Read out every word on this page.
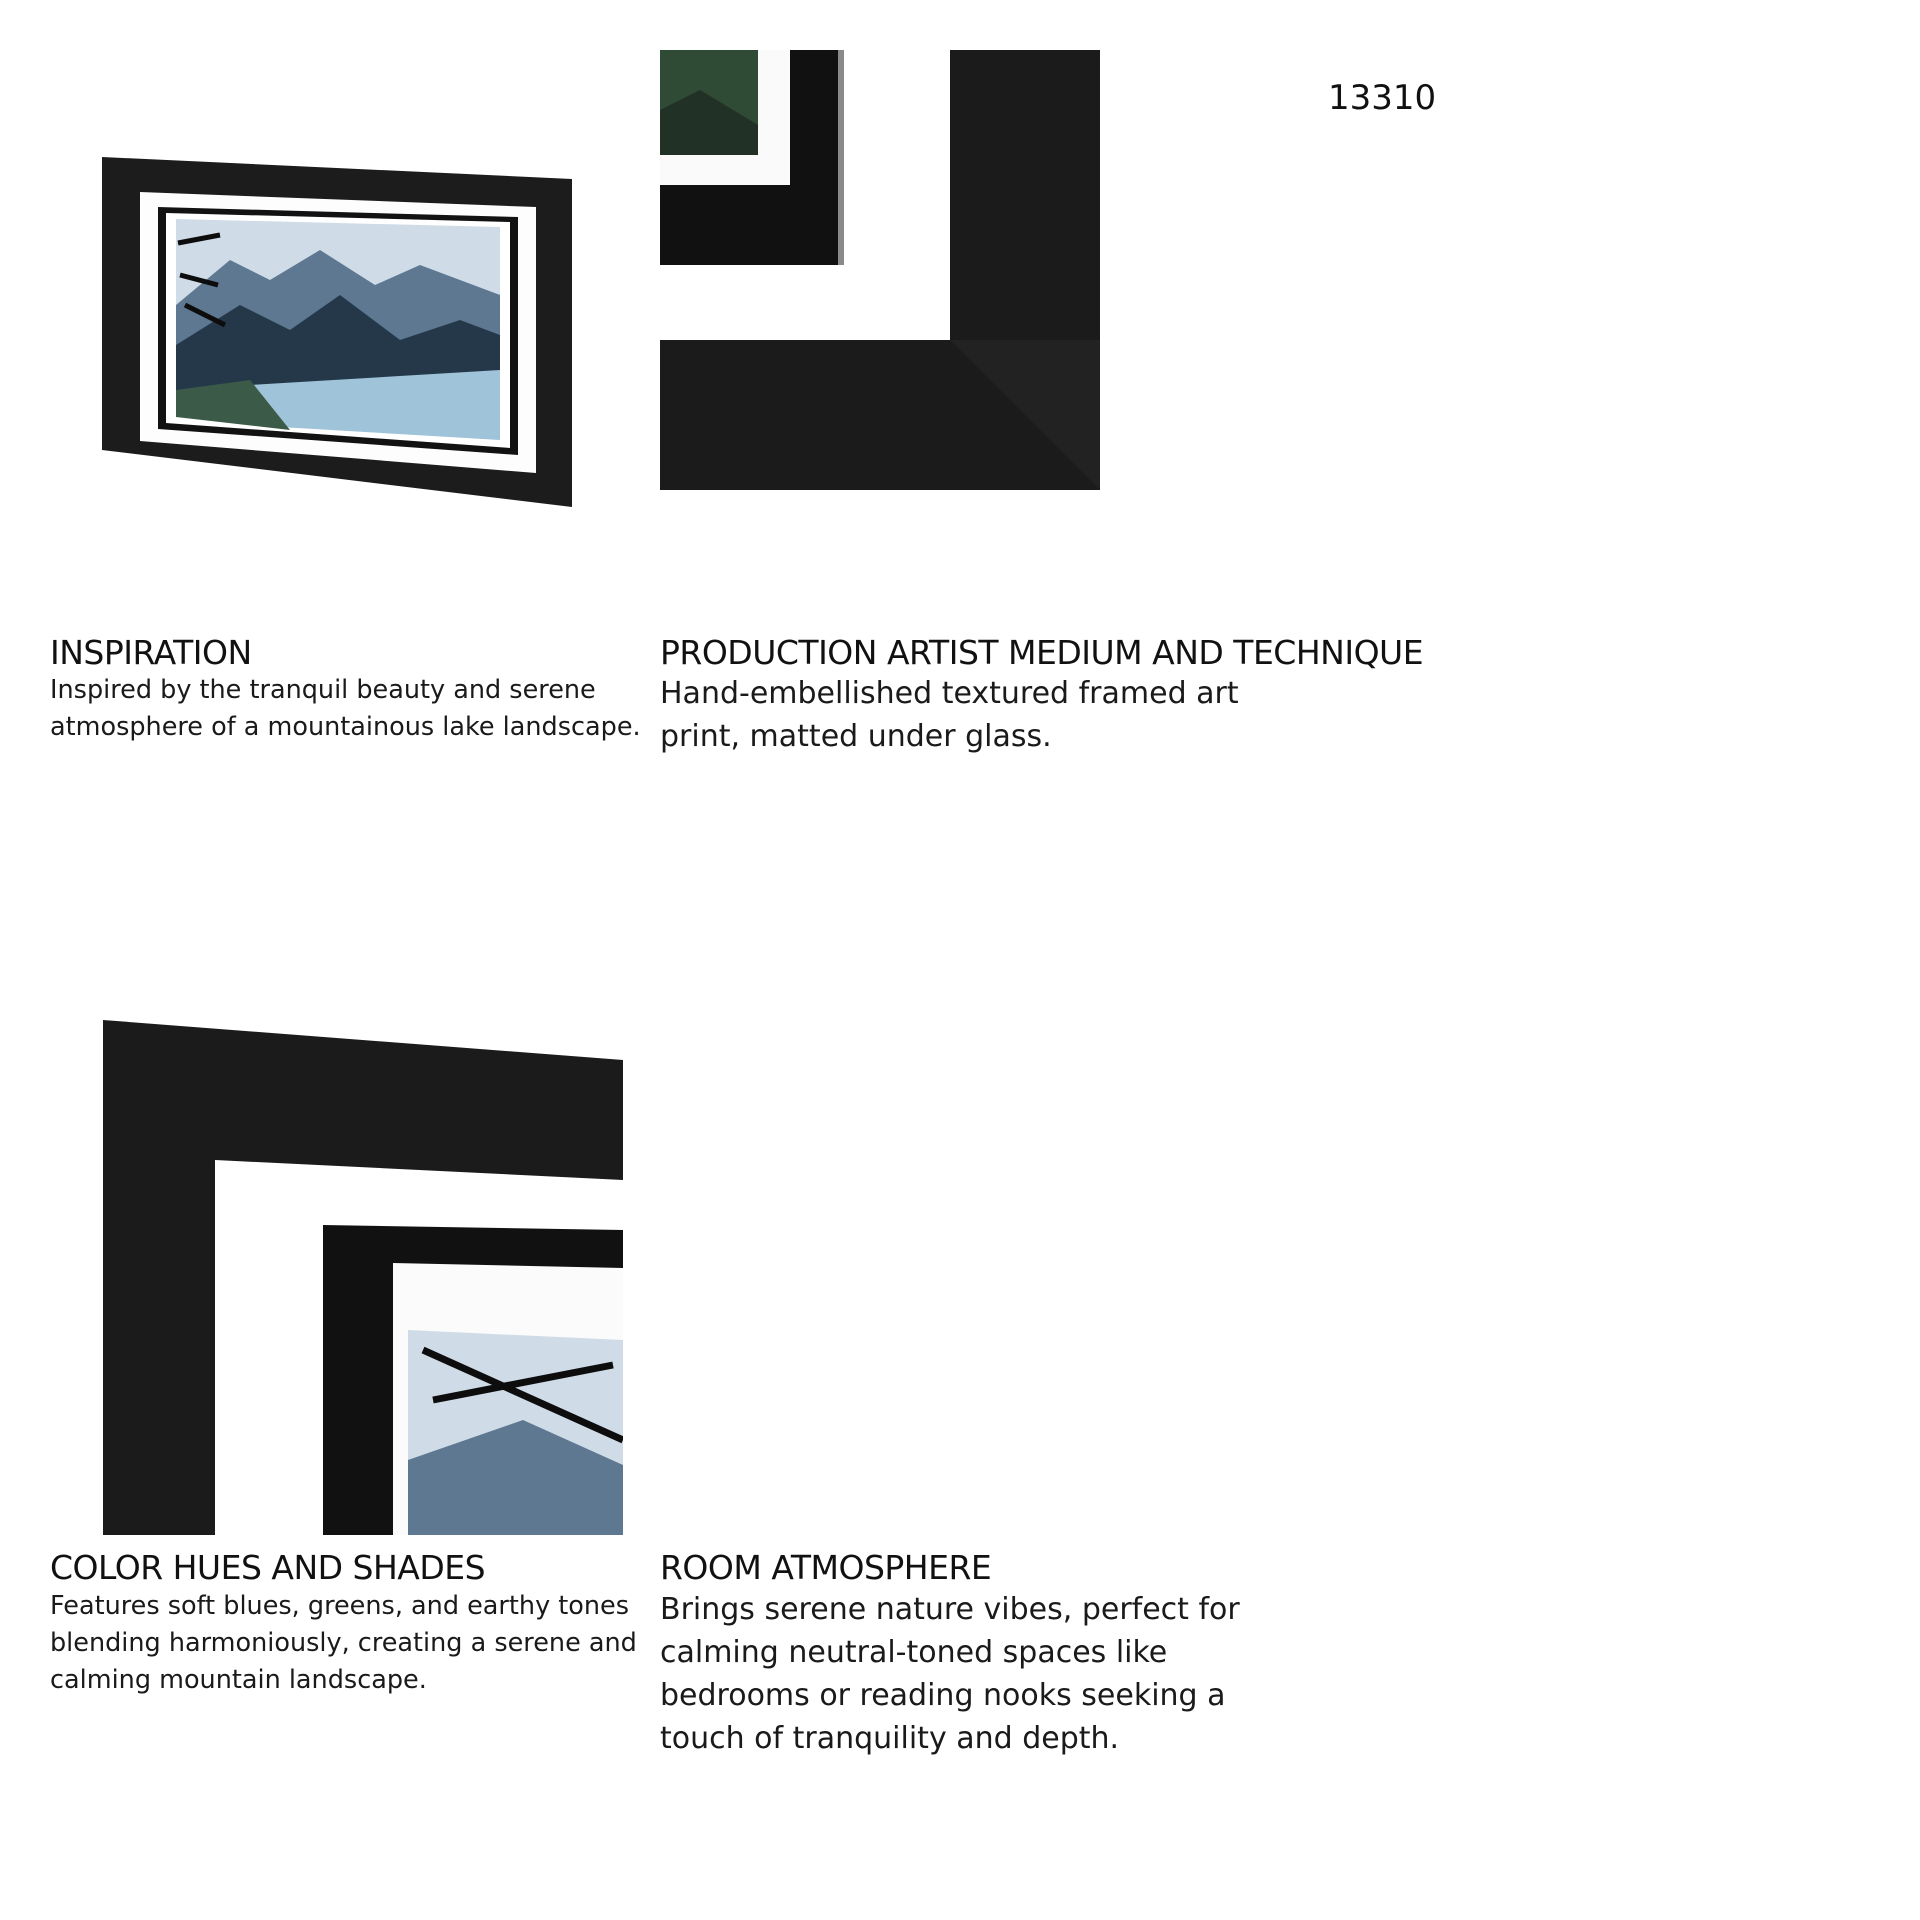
13310
INSPIRATION
Inspired by the tranquil beauty and serene
atmosphere of a mountainous lake landscape.
PRODUCTION ARTIST MEDIUM AND TECHNIQUE
Hand-embellished textured framed art
print, matted under glass.
COLOR HUES AND SHADES
Features soft blues, greens, and earthy tones
blending harmoniously, creating a serene and
calming mountain landscape.
ROOM ATMOSPHERE
Brings serene nature vibes, perfect for
calming neutral-toned spaces like
bedrooms or reading nooks seeking a
touch of tranquility and depth.
